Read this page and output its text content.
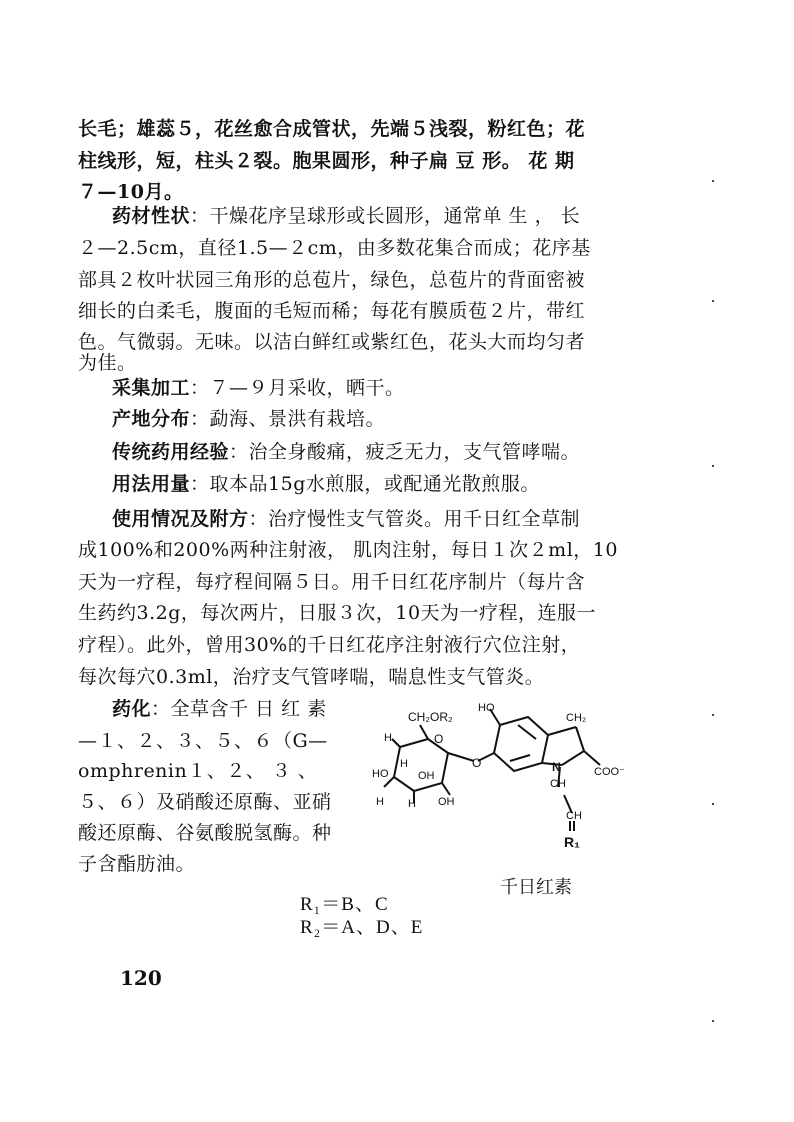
长毛；雄蕊５，花丝愈合成管状，先端５浅裂，粉红色；花
柱线形，短，柱头２裂。胞果圆形，种子扁 豆 形。 花 期
７—10月。
药材性状：干燥花序呈球形或长圆形，通常单 生 ， 长
２—2.5cm，直径1.5—２cm，由多数花集合而成；花序基
部具２枚叶状园三角形的总苞片，绿色，总苞片的背面密被
细长的白柔毛，腹面的毛短而稀；每花有膜质苞２片，带红
色。气微弱。无味。以洁白鲜红或紫红色，花头大而均匀者
为佳。
采集加工：７—９月采收，晒干。
产地分布：勐海、景洪有栽培。
传统药用经验：治全身酸痛，疲乏无力，支气管哮喘。
用法用量：取本品15g水煎服，或配通光散煎服。
使用情况及附方：治疗慢性支气管炎。用千日红全草制
成100%和200%两种注射液， 肌肉注射，每日１次２ml，10
天为一疗程，每疗程间隔５日。用千日红花序制片（每片含
生药约3.2g，每次两片，日服３次，10天为一疗程，连服一
疗程）。此外，曾用30%的千日红花序注射液行穴位注射，
每次每穴0.3ml，治疗支气管哮喘，喘息性支气管炎。
药化：全草含千 日 红 素
—１、２、３、５、６（G—
omphrenin１、２、 ３ 、
５、６）及硝酸还原酶、亚硝
酸还原酶、谷氨酸脱氢酶。种
子含酯肪油。
CH₂OR₂
HO
CH₂
O
H
H
HO	OH
H H OH
O	N	COO⁻
CH
CH
R₁
千日红素
R₁＝B、C
R₂＝A、D、E
120
